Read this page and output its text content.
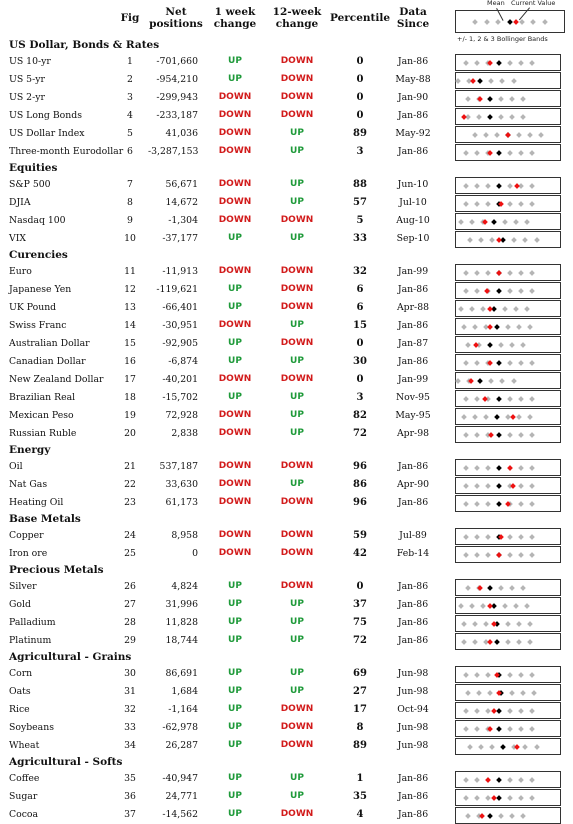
Fig	Net
positions
1 week
change
12-week
change	Percentile Data
Since
Mean Current Value
+/- 1, 2 & 3 Bollinger Bands
US Dollar, Bonds & Rates
US 10-yr	1	-701,660	UP	DOWN	0	Jan-86
US 5-yr	2	-954,210	UP	DOWN	0	May-88
US 2-yr	3	-299,943	DOWN	DOWN	0	Jan-90
US Long Bonds	4	-233,187	DOWN	DOWN	0	Jan-86
US Dollar Index	5	41,036	DOWN	UP	89	May-92
Three-month Eurodollar 6	-3,287,153	DOWN	UP	3	Jan-86
Equities
S&P 500	7	56,671	DOWN	UP	88	Jun-10
DJIA	8	14,672	DOWN	UP	57	Jul-10
Nasdaq 100	9	-1,304	DOWN	DOWN	5	Aug-10
VIX	10	-37,177	UP	UP	33	Sep-10
Curencies
Euro	11	-11,913	DOWN	DOWN	32	Jan-99
Japanese Yen	12	-119,621	UP	DOWN	6	Jan-86
UK Pound	13	-66,401	UP	DOWN	6	Apr-88
Swiss Franc	14	-30,951	DOWN	UP	15	Jan-86
Australian Dollar	15	-92,905	UP	DOWN	0	Jan-87
Canadian Dollar	16	-6,874	UP	UP	30	Jan-86
New Zealand Dollar	17	-40,201	DOWN	DOWN	0	Jan-99
Brazilian Real	18	-15,702	UP	UP	3	Nov-95
Mexican Peso	19	72,928	DOWN	UP	82	May-95
Russian Ruble	20	2,838	DOWN	UP	72	Apr-98
Energy
Oil	21	537,187	DOWN	DOWN	96	Jan-86
Nat Gas	22	33,630	DOWN	UP	86	Apr-90
Heating Oil	23	61,173	DOWN	DOWN	96	Jan-86
Base Metals
Copper	24	8,958	DOWN	DOWN	59	Jul-89
Iron ore	25	0	DOWN	DOWN	42	Feb-14
Precious Metals
Silver	26	4,824	UP	DOWN	0	Jan-86
Gold	27	31,996	UP	UP	37	Jan-86
Palladium	28	11,828	UP	UP	75	Jan-86
Platinum	29	18,744	UP	UP	72	Jan-86
Agricultural - Grains
Corn	30	86,691	UP	UP	69	Jun-98
Oats	31	1,684	UP	UP	27	Jun-98
Rice	32	-1,164	UP	DOWN	17	Oct-94
Soybeans	33	-62,978	UP	DOWN	8	Jun-98
Wheat	34	26,287	UP	DOWN	89	Jun-98
Agricultural - Softs
Coffee	35	-40,947	UP	UP	1	Jan-86
Sugar	36	24,771	UP	UP	35	Jan-86
Cocoa	37	-14,562	UP	DOWN	4	Jan-86
